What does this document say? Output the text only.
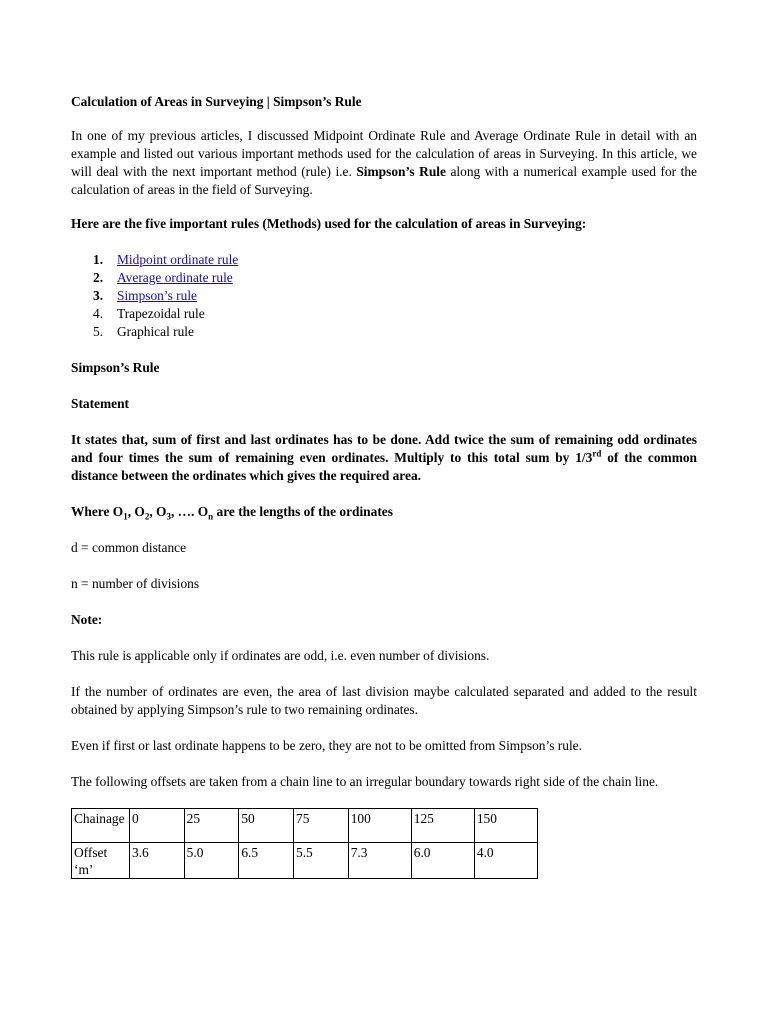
Calculation of Areas in Surveying | Simpson’s Rule

In one of my previous articles, I discussed Midpoint Ordinate Rule and Average Ordinate Rule in detail with an example and listed out various important methods used for the calculation of areas in Surveying. In this article, we will deal with the next important method (rule) i.e. Simpson’s Rule along with a numerical example used for the calculation of areas in the field of Surveying.

Here are the five important rules (Methods) used for the calculation of areas in Surveying:

1. Midpoint ordinate rule
2. Average ordinate rule
3. Simpson’s rule
4. Trapezoidal rule
5. Graphical rule

Simpson’s Rule

Statement

It states that, sum of first and last ordinates has to be done. Add twice the sum of remaining odd ordinates and four times the sum of remaining even ordinates. Multiply to this total sum by 1/3rd of the common distance between the ordinates which gives the required area.

Where $O_1$, $O_2$, $O_3$, …. $O_n$ are the lengths of the ordinates

d = common distance

n = number of divisions

Note:

This rule is applicable only if ordinates are odd, i.e. even number of divisions.

If the number of ordinates are even, the area of last division maybe calculated separated and added to the result obtained by applying Simpson’s rule to two remaining ordinates.

Even if first or last ordinate happens to be zero, they are not to be omitted from Simpson’s rule.

The following offsets are taken from a chain line to an irregular boundary towards right side of the chain line.

Chainage	0	25	50	75	100	125	150
Offset ‘m’	3.6	5.0	6.5	5.5	7.3	6.0	4.0
